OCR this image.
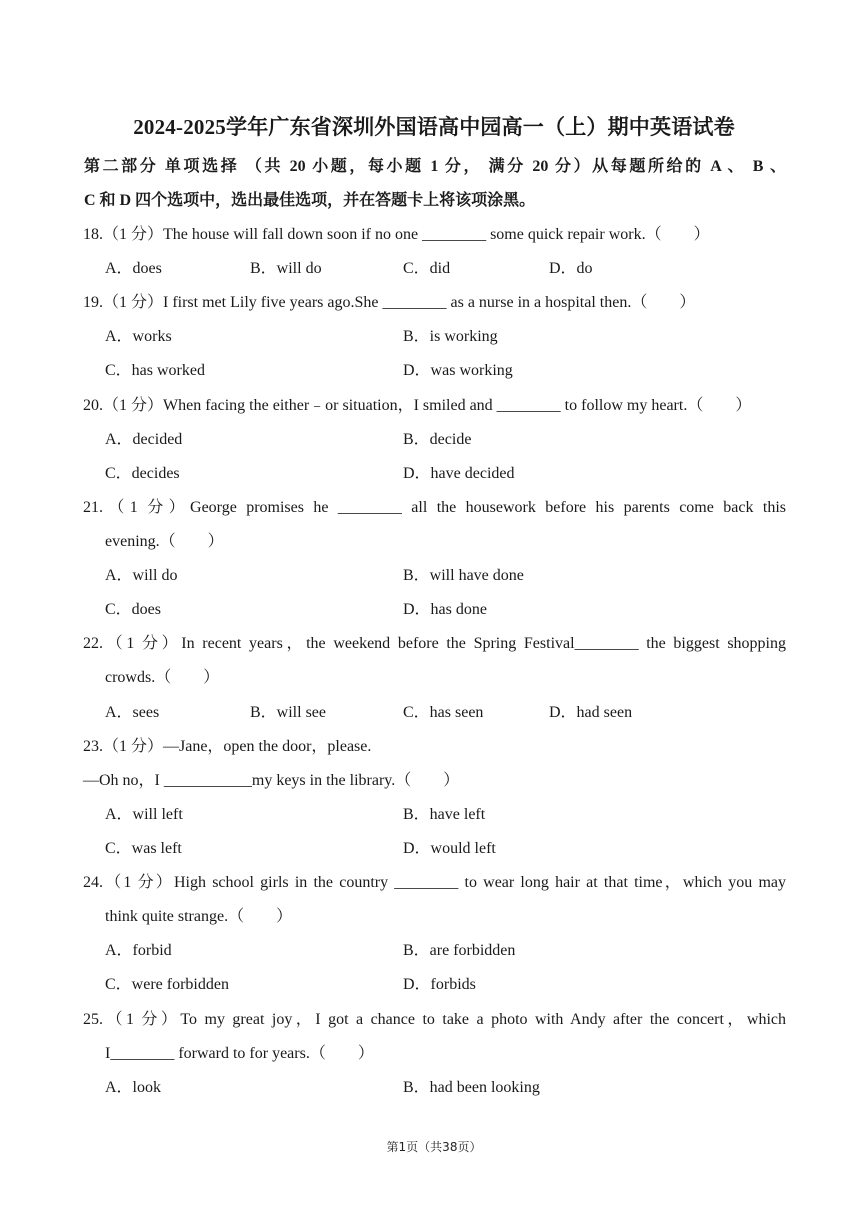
2024-2025学年广东省深圳外国语高中园高一（上）期中英语试卷
第二部分 单项选择 （共 20 小题，每小题 1 分， 满分 20 分）从每题所给的 A 、 B 、
C 和 D 四个选项中，选出最佳选项，并在答题卡上将该项涂黑。
18.（1 分）The house will fall down soon if no one ________ some quick repair work.（　　）
A．does	B．will do	C．did	D．do
19.（1 分）I first met Lily five years ago.She ________ as a nurse in a hospital then.（　　）
A．works	B．is working
C．has worked	D．was working
20.（1 分）When facing the either﹣or situation，I smiled and ________ to follow my heart.（　　）
A．decided	B．decide
C．decides	D．have decided
21.（1 分）George promises he ________ all the housework before his parents come back this
evening.（　　）
A．will do	B．will have done
C．does	D．has done
22.（1 分）In recent years，the weekend before the Spring Festival________ the biggest shopping
crowds.（　　）
A．sees	B．will see	C．has seen	D．had seen
23.（1 分）—Jane，open the door，please.
—Oh no，I ___________my keys in the library.（　　）
A．will left	B．have left
C．was left	D．would left
24.（1 分）High school girls in the country ________ to wear long hair at that time，which you may
think quite strange.（　　）
A．forbid	B．are forbidden
C．were forbidden	D．forbids
25.（1 分）To my great joy，I got a chance to take a photo with Andy after the concert，which
I________ forward to for years.（　　）
A．look	B．had been looking
第1页（共38页）
